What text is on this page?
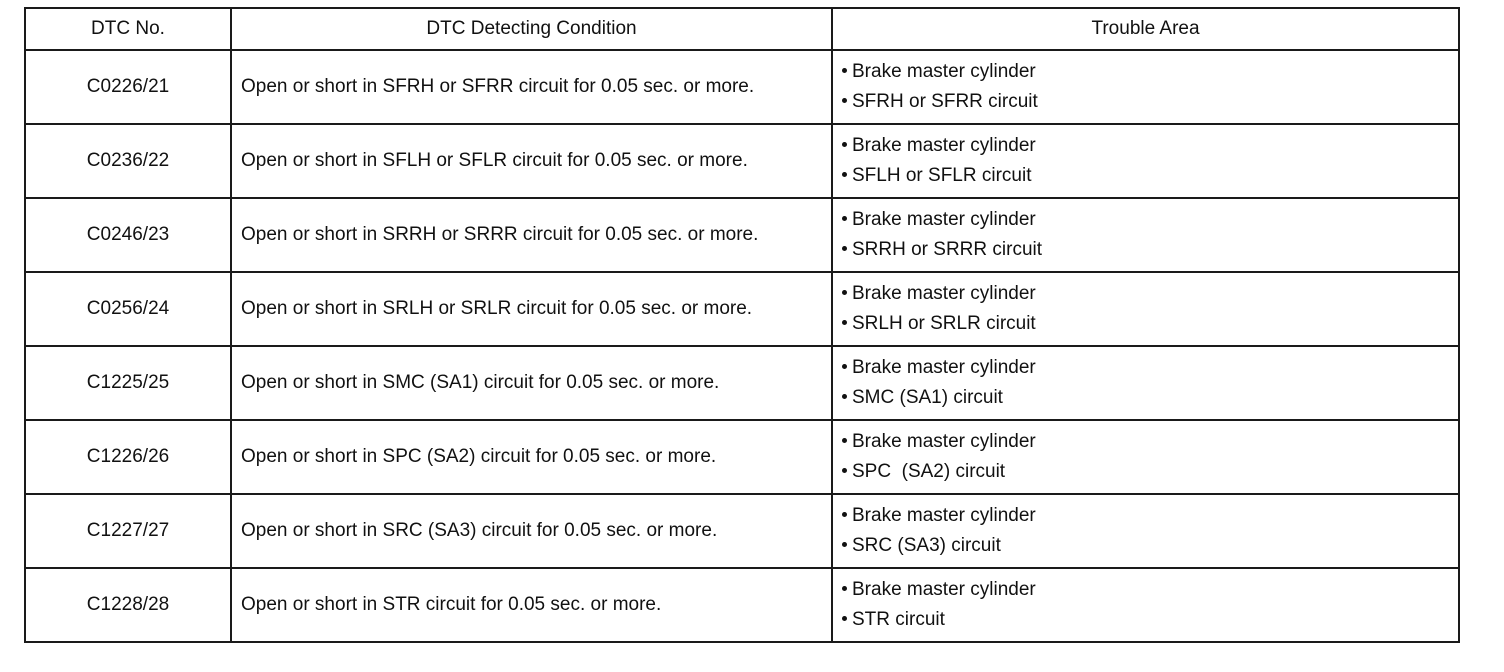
DTC No.	DTC Detecting Condition	Trouble Area
C0226/21	Open or short in SFRH or SFRR circuit for 0.05 sec. or more.	Brake master cylinder
SFRH or SFRR circuit

C0236/22	Open or short in SFLH or SFLR circuit for 0.05 sec. or more.	Brake master cylinder
SFLH or SFLR circuit

C0246/23	Open or short in SRRH or SRRR circuit for 0.05 sec. or more.	Brake master cylinder
SRRH or SRRR circuit

C0256/24	Open or short in SRLH or SRLR circuit for 0.05 sec. or more.	Brake master cylinder
SRLH or SRLR circuit

C1225/25	Open or short in SMC (SA1) circuit for 0.05 sec. or more.	Brake master cylinder
SMC (SA1) circuit

C1226/26	Open or short in SPC (SA2) circuit for 0.05 sec. or more.	Brake master cylinder
SPC  (SA2) circuit

C1227/27	Open or short in SRC (SA3) circuit for 0.05 sec. or more.	Brake master cylinder
SRC (SA3) circuit

C1228/28	Open or short in STR circuit for 0.05 sec. or more.	Brake master cylinder
STR circuit
